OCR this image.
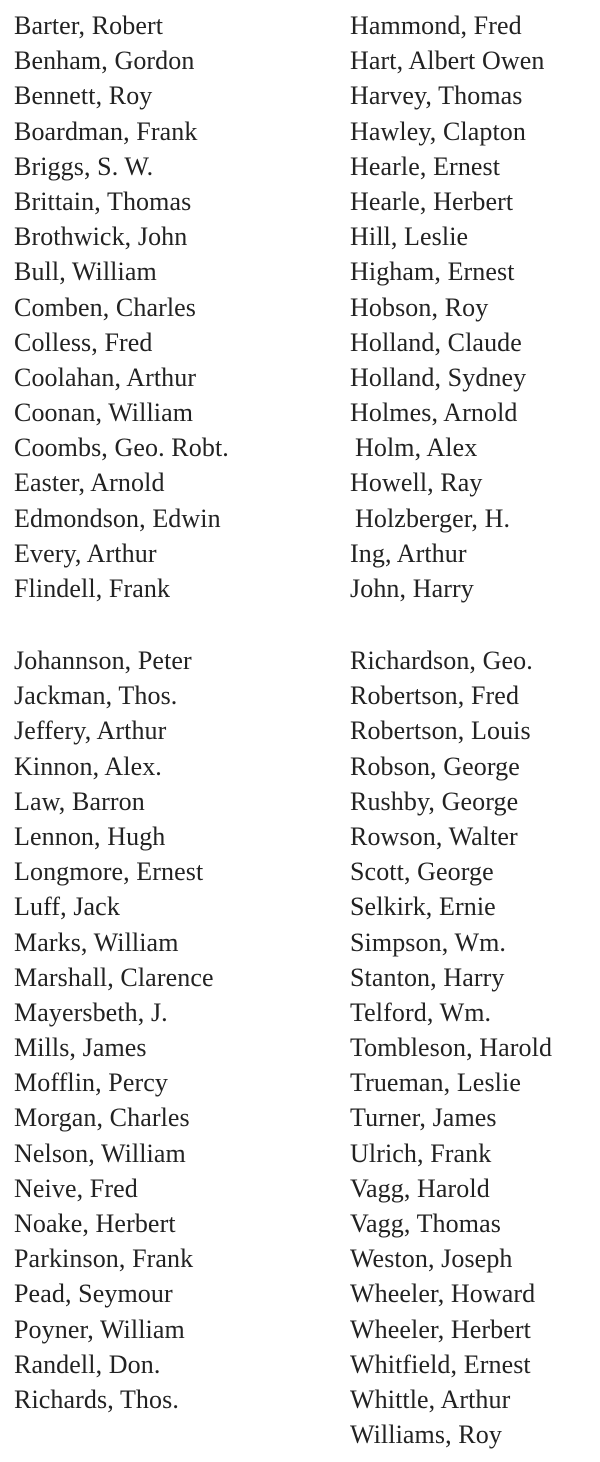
Barter, Robert
Benham, Gordon
Bennett, Roy
Boardman, Frank
Briggs, S. W.
Brittain, Thomas
Brothwick, John
Bull, William
Comben, Charles
Colless, Fred
Coolahan, Arthur
Coonan, William
Coombs, Geo. Robt.
Easter, Arnold
Edmondson, Edwin
Every, Arthur
Flindell, Frank
Hammond, Fred
Hart, Albert Owen
Harvey, Thomas
Hawley, Clapton
Hearle, Ernest
Hearle, Herbert
Hill, Leslie
Higham, Ernest
Hobson, Roy
Holland, Claude
Holland, Sydney
Holmes, Arnold
Holm, Alex
Howell, Ray
Holzberger, H.
Ing, Arthur
John, Harry
Johannson, Peter
Jackman, Thos.
Jeffery, Arthur
Kinnon, Alex.
Law, Barron
Lennon, Hugh
Longmore, Ernest
Luff, Jack
Marks, William
Marshall, Clarence
Mayersbeth, J.
Mills, James
Mofflin, Percy
Morgan, Charles
Nelson, William
Neive, Fred
Noake, Herbert
Parkinson, Frank
Pead, Seymour
Poyner, William
Randell, Don.
Richards, Thos.
Richardson, Geo.
Robertson, Fred
Robertson, Louis
Robson, George
Rushby, George
Rowson, Walter
Scott, George
Selkirk, Ernie
Simpson, Wm.
Stanton, Harry
Telford, Wm.
Tombleson, Harold
Trueman, Leslie
Turner, James
Ulrich, Frank
Vagg, Harold
Vagg, Thomas
Weston, Joseph
Wheeler, Howard
Wheeler, Herbert
Whitfield, Ernest
Whittle, Arthur
Williams, Roy
